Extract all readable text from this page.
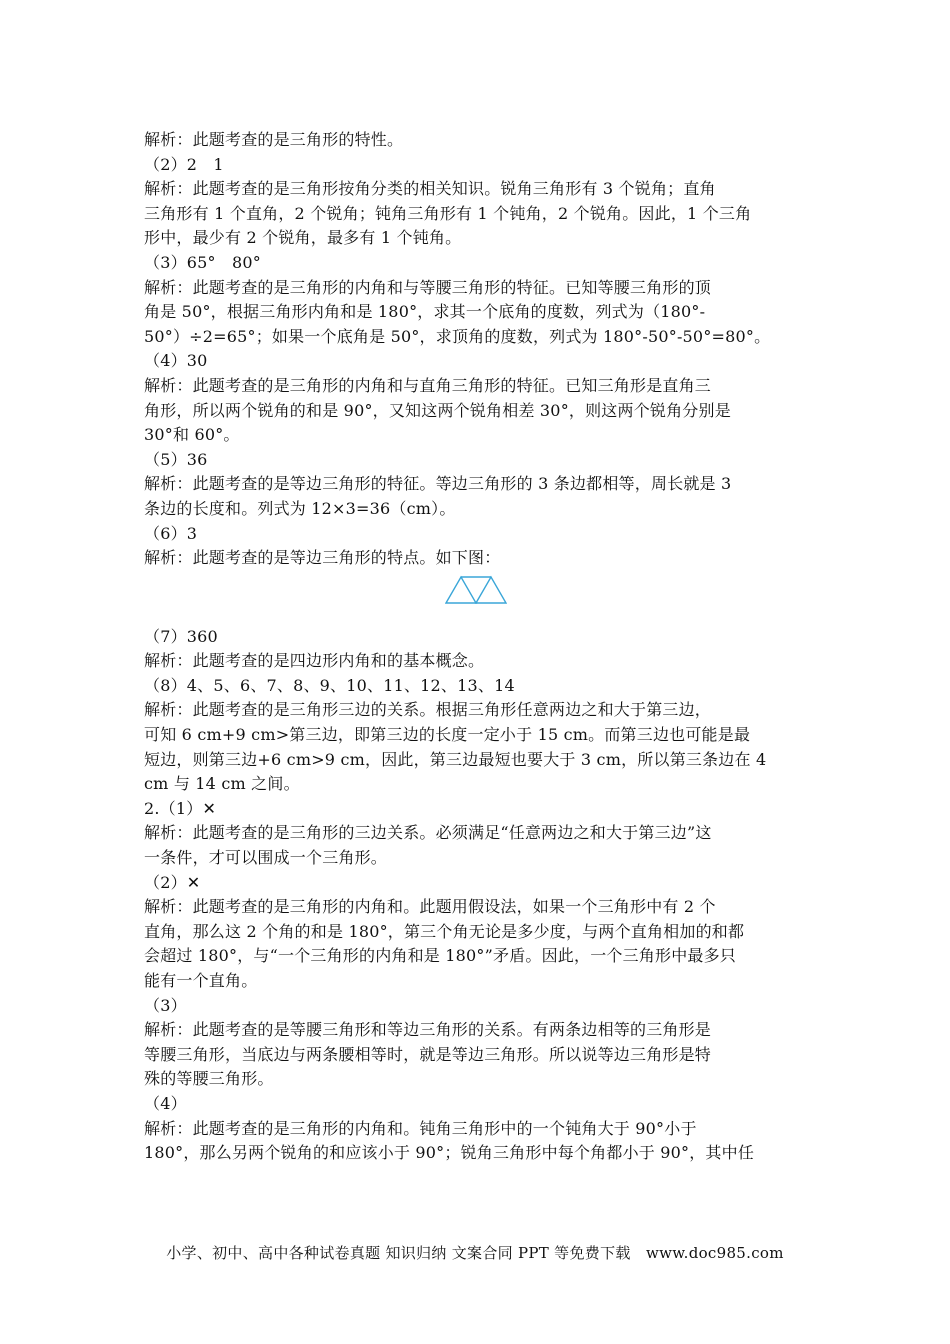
解析：此题考查的是三角形的特性。
（2）2　1
解析：此题考查的是三角形按角分类的相关知识。锐角三角形有 3 个锐角；直角
三角形有 1 个直角，2 个锐角；钝角三角形有 1 个钝角，2 个锐角。因此，1 个三角
形中，最少有 2 个锐角，最多有 1 个钝角。
（3）65°　80°
解析：此题考查的是三角形的内角和与等腰三角形的特征。已知等腰三角形的顶
角是 50°，根据三角形内角和是 180°，求其一个底角的度数，列式为（180°-
50°）÷2=65°；如果一个底角是 50°，求顶角的度数，列式为 180°-50°-50°=80°。
（4）30
解析：此题考查的是三角形的内角和与直角三角形的特征。已知三角形是直角三
角形，所以两个锐角的和是 90°，又知这两个锐角相差 30°，则这两个锐角分别是
30°和 60°。
（5）36
解析：此题考查的是等边三角形的特征。等边三角形的 3 条边都相等，周长就是 3
条边的长度和。列式为 12×3=36（cm）。
（6）3
解析：此题考查的是等边三角形的特点。如下图：
（7）360
解析：此题考查的是四边形内角和的基本概念。
（8）4、5、6、7、8、9、10、11、12、13、14
解析：此题考查的是三角形三边的关系。根据三角形任意两边之和大于第三边，
可知 6 cm+9 cm>第三边，即第三边的长度一定小于 15 cm。而第三边也可能是最
短边，则第三边+6 cm>9 cm，因此，第三边最短也要大于 3 cm，所以第三条边在 4
cm 与 14 cm 之间。
2.（1）✕
解析：此题考查的是三角形的三边关系。必须满足“任意两边之和大于第三边”这
一条件，才可以围成一个三角形。
（2）✕
解析：此题考查的是三角形的内角和。此题用假设法，如果一个三角形中有 2 个
直角，那么这 2 个角的和是 180°，第三个角无论是多少度，与两个直角相加的和都
会超过 180°，与“一个三角形的内角和是 180°”矛盾。因此，一个三角形中最多只
能有一个直角。
（3）
解析：此题考查的是等腰三角形和等边三角形的关系。有两条边相等的三角形是
等腰三角形，当底边与两条腰相等时，就是等边三角形。所以说等边三角形是特
殊的等腰三角形。
（4）
解析：此题考查的是三角形的内角和。钝角三角形中的一个钝角大于 90°小于
180°，那么另两个锐角的和应该小于 90°；锐角三角形中每个角都小于 90°，其中任
小学、初中、高中各种试卷真题 知识归纳 文案合同 PPT 等免费下载　www.doc985.com
